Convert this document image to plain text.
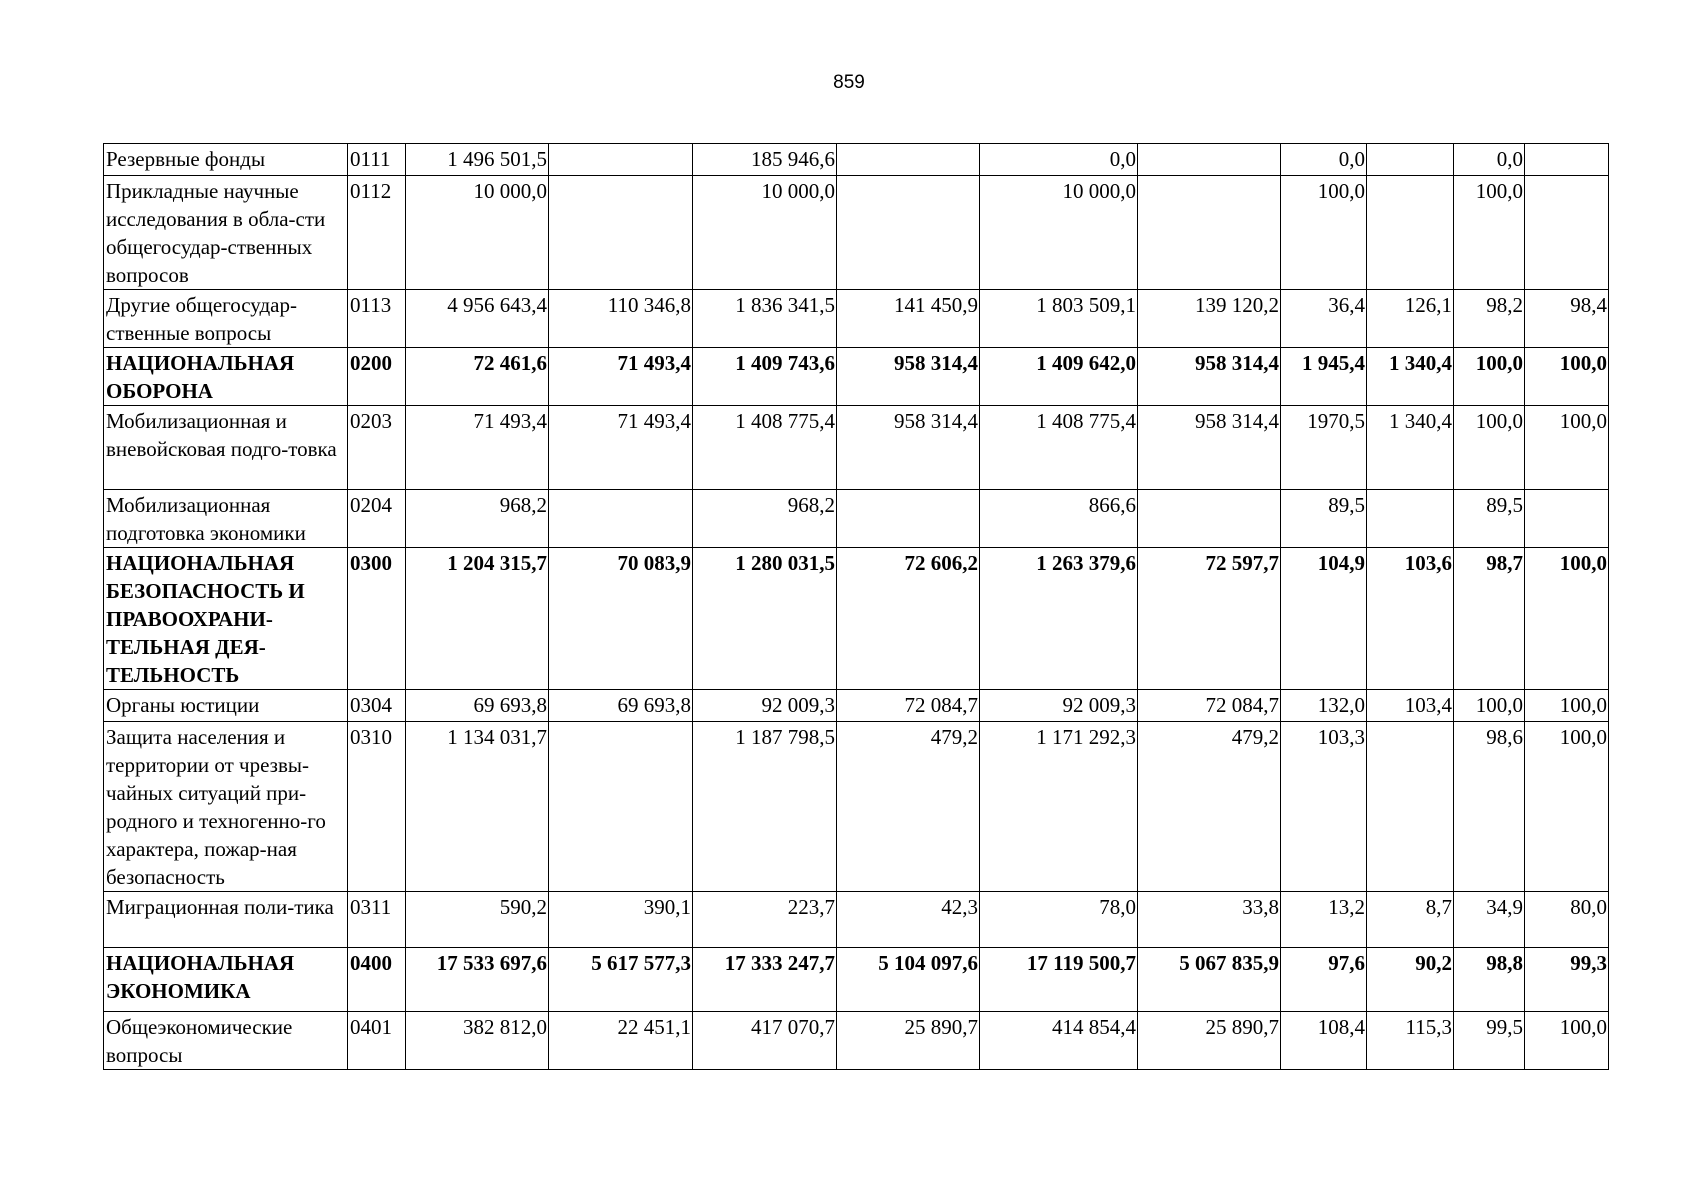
859
Резервные фонды	0111	1 496 501,5		185 946,6		0,0		0,0		0,0	
Прикладные научные исследования в обла-сти общегосудар-ственных вопросов	0112	10 000,0		10 000,0		10 000,0		100,0		100,0	
Другие общегосудар-ственные вопросы	0113	4 956 643,4	110 346,8	1 836 341,5	141 450,9	1 803 509,1	139 120,2	36,4	126,1	98,2	98,4
НАЦИОНАЛЬНАЯ ОБОРОНА	0200	72 461,6	71 493,4	1 409 743,6	958 314,4	1 409 642,0	958 314,4	1 945,4	1 340,4	100,0	100,0
Мобилизационная и вневойсковая подго-товка	0203	71 493,4	71 493,4	1 408 775,4	958 314,4	1 408 775,4	958 314,4	1970,5	1 340,4	100,0	100,0
Мобилизационная подготовка экономики	0204	968,2		968,2		866,6		89,5		89,5	
НАЦИОНАЛЬНАЯ БЕЗОПАСНОСТЬ И ПРАВООХРАНИ-ТЕЛЬНАЯ ДЕЯ-ТЕЛЬНОСТЬ	0300	1 204 315,7	70 083,9	1 280 031,5	72 606,2	1 263 379,6	72 597,7	104,9	103,6	98,7	100,0
Органы юстиции	0304	69 693,8	69 693,8	92 009,3	72 084,7	92 009,3	72 084,7	132,0	103,4	100,0	100,0
Защита населения и территории от чрезвы-чайных ситуаций при-родного и техногенно-го характера, пожар-ная безопасность	0310	1 134 031,7		1 187 798,5	479,2	1 171 292,3	479,2	103,3		98,6	100,0
Миграционная поли-тика	0311	590,2	390,1	223,7	42,3	78,0	33,8	13,2	8,7	34,9	80,0
НАЦИОНАЛЬНАЯ ЭКОНОМИКА	0400	17 533 697,6	5 617 577,3	17 333 247,7	5 104 097,6	17 119 500,7	5 067 835,9	97,6	90,2	98,8	99,3
Общеэкономические вопросы	0401	382 812,0	22 451,1	417 070,7	25 890,7	414 854,4	25 890,7	108,4	115,3	99,5	100,0
